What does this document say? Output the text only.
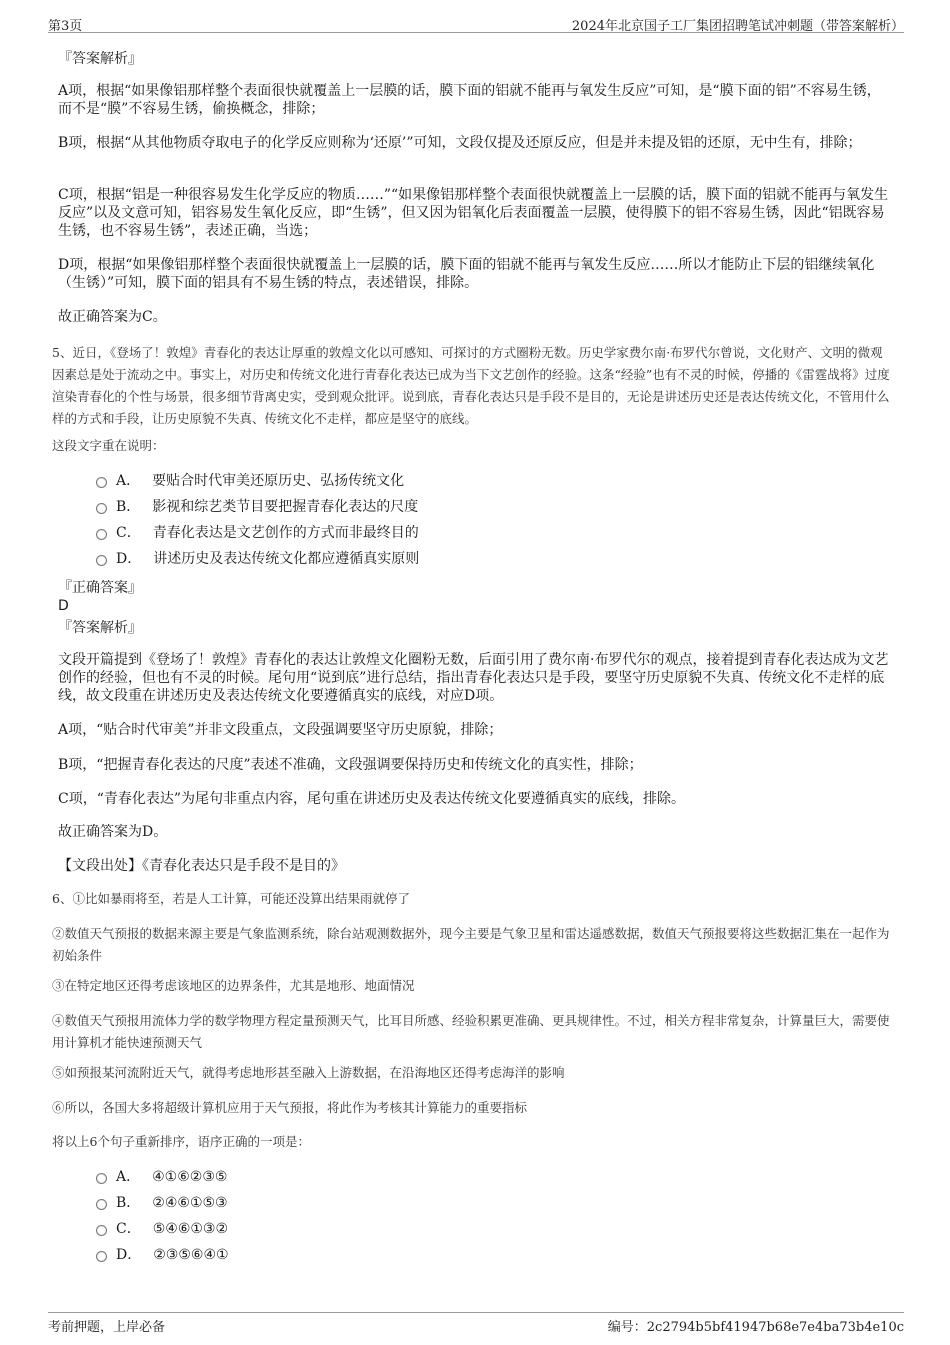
第3页	2024年北京国子工厂集团招聘笔试冲刺题（带答案解析）
『答案解析』
A项，根据“如果像铝那样整个表面很快就覆盖上一层膜的话，膜下面的铝就不能再与氧发生反应”可知，是“膜下面的铝”不容易生锈，而不是“膜”不容易生锈，偷换概念，排除；
B项，根据“从其他物质夺取电子的化学反应则称为‘还原’”可知，文段仅提及还原反应，但是并未提及铝的还原，无中生有，排除；
C项，根据“铝是一种很容易发生化学反应的物质……”“如果像铝那样整个表面很快就覆盖上一层膜的话，膜下面的铝就不能再与氧发生反应”以及文意可知，铝容易发生氧化反应，即“生锈”，但又因为铝氧化后表面覆盖一层膜，使得膜下的铝不容易生锈，因此“铝既容易生锈，也不容易生锈”，表述正确，当选；
D项，根据“如果像铝那样整个表面很快就覆盖上一层膜的话，膜下面的铝就不能再与氧发生反应……所以才能防止下层的铝继续氧化（生锈）”可知，膜下面的铝具有不易生锈的特点，表述错误，排除。
故正确答案为C。
5、近日，《登场了！敦煌》青春化的表达让厚重的敦煌文化以可感知、可探讨的方式圈粉无数。历史学家费尔南·布罗代尔曾说，文化财产、文明的微观因素总是处于流动之中。事实上，对历史和传统文化进行青春化表达已成为当下文艺创作的经验。这条“经验”也有不灵的时候，停播的《雷霆战将》过度渲染青春化的个性与场景，很多细节背离史实，受到观众批评。说到底，青春化表达只是手段不是目的，无论是讲述历史还是表达传统文化，不管用什么样的方式和手段，让历史原貌不失真、传统文化不走样，都应是坚守的底线。
这段文字重在说明：
A． 要贴合时代审美还原历史、弘扬传统文化
B． 影视和综艺类节目要把握青春化表达的尺度
C． 青春化表达是文艺创作的方式而非最终目的
D． 讲述历史及表达传统文化都应遵循真实原则
『正确答案』
D
『答案解析』
文段开篇提到《登场了！敦煌》青春化的表达让敦煌文化圈粉无数，后面引用了费尔南·布罗代尔的观点，接着提到青春化表达成为文艺创作的经验，但也有不灵的时候。尾句用“说到底”进行总结，指出青春化表达只是手段，要坚守历史原貌不失真、传统文化不走样的底线，故文段重在讲述历史及表达传统文化要遵循真实的底线，对应D项。
A项，“贴合时代审美”并非文段重点，文段强调要坚守历史原貌，排除；
B项，“把握青春化表达的尺度”表述不准确，文段强调要保持历史和传统文化的真实性，排除；
C项，“青春化表达”为尾句非重点内容，尾句重在讲述历史及表达传统文化要遵循真实的底线，排除。
故正确答案为D。
【文段出处】《青春化表达只是手段不是目的》
6、①比如暴雨将至，若是人工计算，可能还没算出结果雨就停了
②数值天气预报的数据来源主要是气象监测系统，除台站观测数据外，现今主要是气象卫星和雷达遥感数据，数值天气预报要将这些数据汇集在一起作为初始条件
③在特定地区还得考虑该地区的边界条件，尤其是地形、地面情况
④数值天气预报用流体力学的数学物理方程定量预测天气，比耳目所感、经验积累更准确、更具规律性。不过，相关方程非常复杂，计算量巨大，需要使用计算机才能快速预测天气
⑤如预报某河流附近天气，就得考虑地形甚至融入上游数据，在沿海地区还得考虑海洋的影响
⑥所以，各国大多将超级计算机应用于天气预报，将此作为考核其计算能力的重要指标
将以上6个句子重新排序，语序正确的一项是：
A． ④①⑥②③⑤
B． ②④⑥①⑤③
C． ⑤④⑥①③②
D． ②③⑤⑥④①
考前押题，上岸必备	编号：2c2794b5bf41947b68e7e4ba73b4e10c
